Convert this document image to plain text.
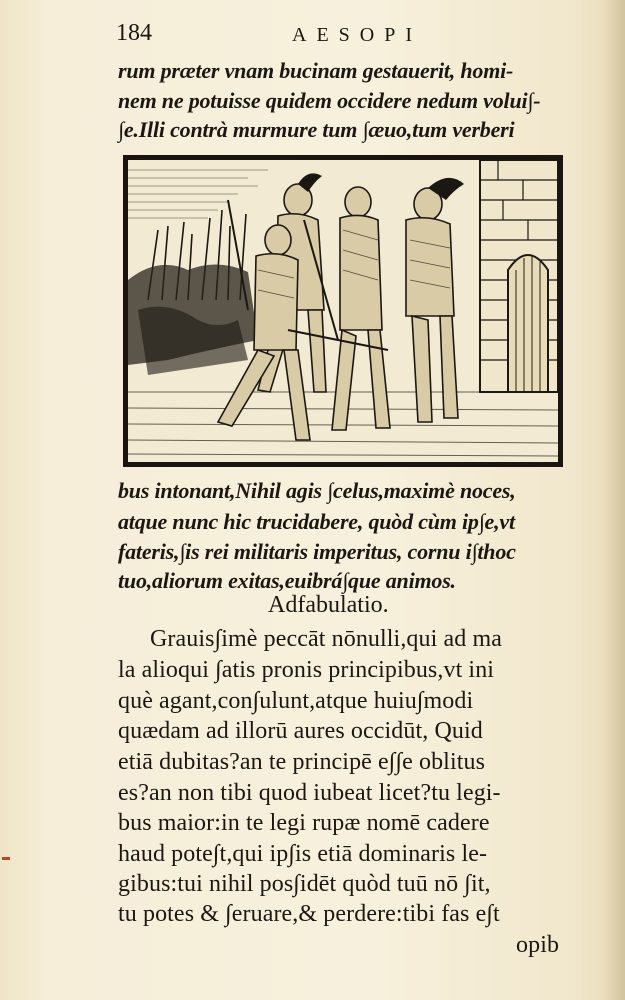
184	AESOPI
rum præter vnam bucinam gestauerit, homi-
nem ne potuisse quidem occidere nedum volui∫-
∫e.Illi contrà murmure tum ∫æuo,tum verberi
bus intonant,Nihil agis ∫celus,maximè noces,
atque nunc hic trucidabere, quòd cùm ip∫e,vt
fateris,∫is rei militaris imperitus, cornu i∫thoc
tuo,aliorum exitas,euibrá∫que animos.
Adfabulatio.
Grauis∫imè peccāt nōnulli,qui ad ma
la alioqui ∫atis pronis principibus,vt ini
què agant,con∫ulunt,atque huiu∫modi
quædam ad illorū aures occidūt, Quid
etiā dubitas?an te principē e∫∫e oblitus
es?an non tibi quod iubeat licet?tu legi-
bus maior:in te legi rupæ nomē cadere
haud pote∫t,qui ip∫is etiā dominaris le-
gibus:tui nihil pos∫idēt quòd tuū nō ∫it,
tu potes & ∫eruare,& perdere:tibi fas e∫t
opib
